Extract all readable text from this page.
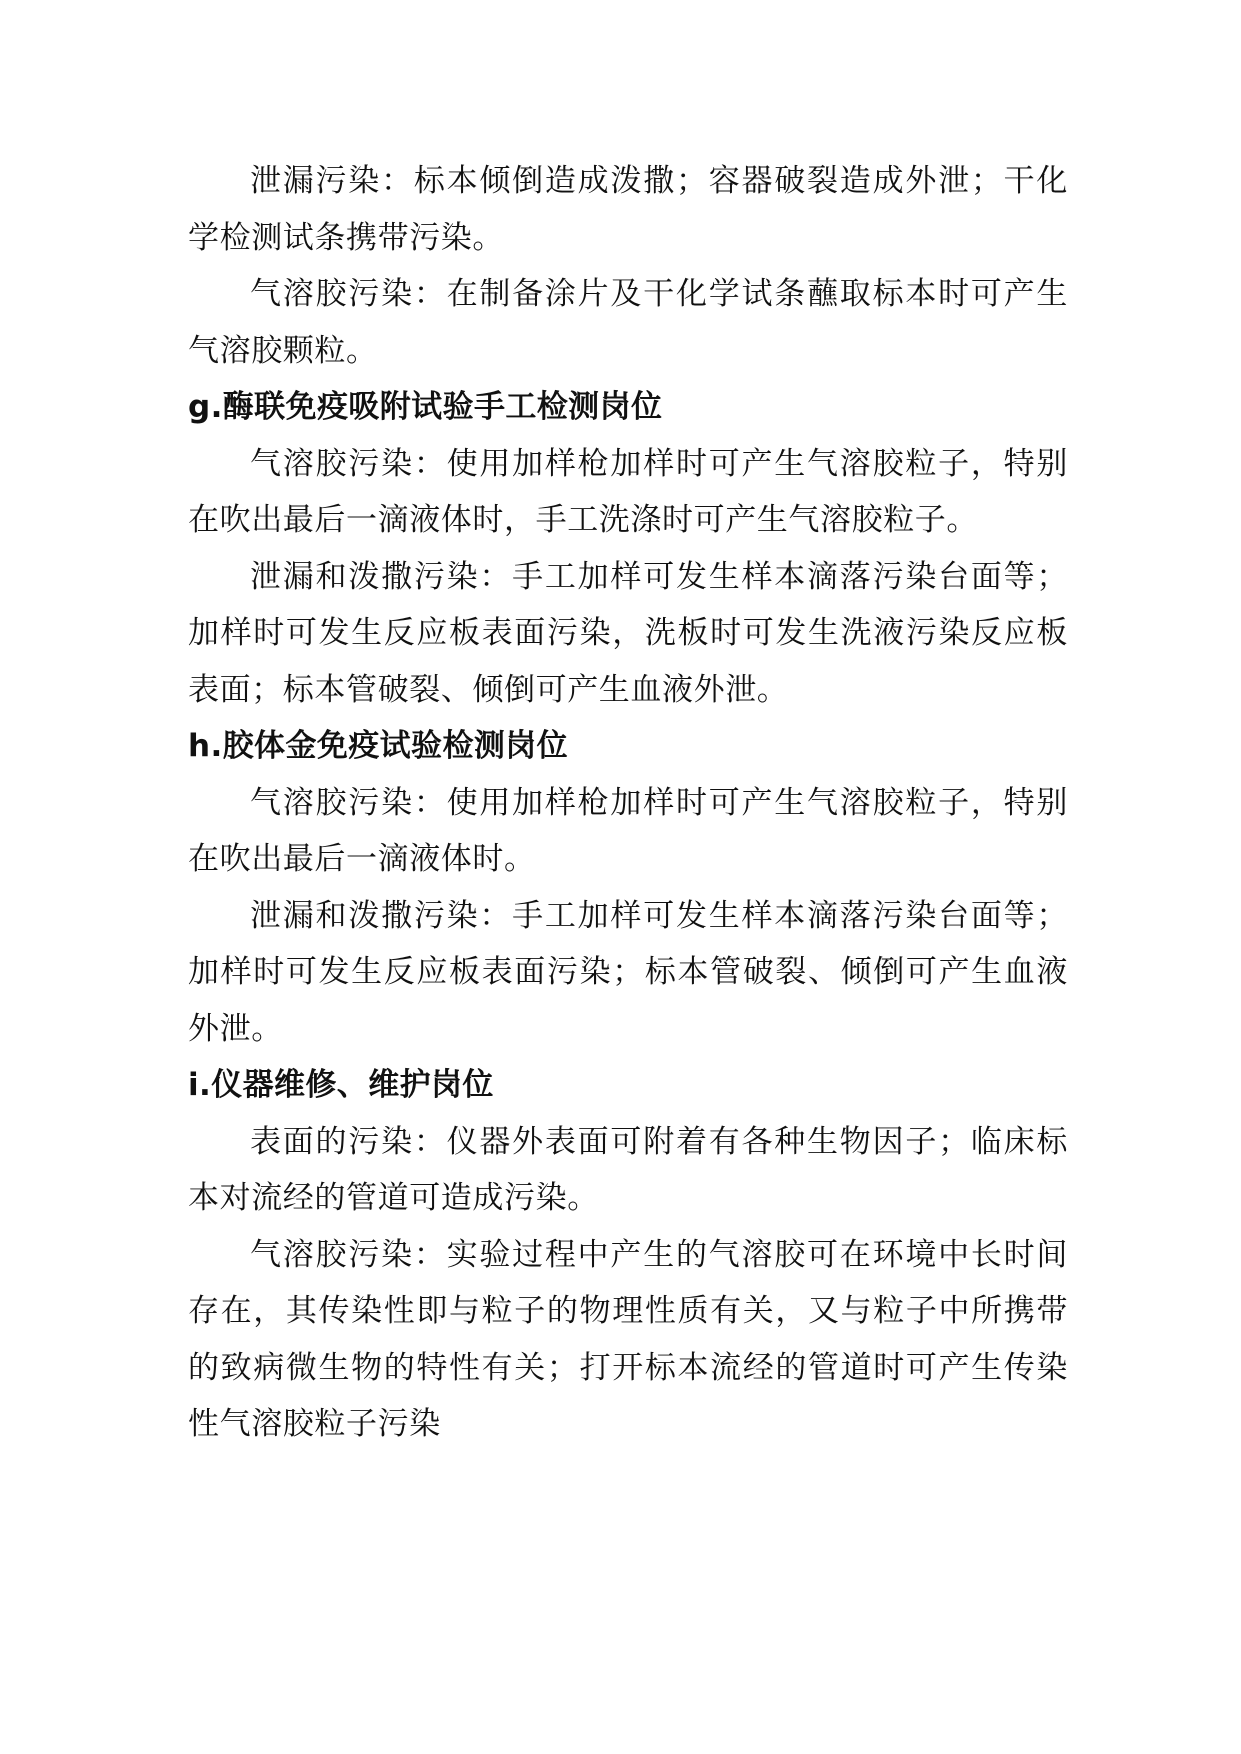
泄漏污染：标本倾倒造成泼撒；容器破裂造成外泄；干化学检测试条携带污染。

气溶胶污染：在制备涂片及干化学试条蘸取标本时可产生气溶胶颗粒。

g.酶联免疫吸附试验手工检测岗位

气溶胶污染：使用加样枪加样时可产生气溶胶粒子，特别在吹出最后一滴液体时，手工洗涤时可产生气溶胶粒子。

泄漏和泼撒污染：手工加样可发生样本滴落污染台面等；加样时可发生反应板表面污染，洗板时可发生洗液污染反应板表面；标本管破裂、倾倒可产生血液外泄。

h.胶体金免疫试验检测岗位

气溶胶污染：使用加样枪加样时可产生气溶胶粒子，特别在吹出最后一滴液体时。

泄漏和泼撒污染：手工加样可发生样本滴落污染台面等；加样时可发生反应板表面污染；标本管破裂、倾倒可产生血液外泄。

i.仪器维修、维护岗位

表面的污染：仪器外表面可附着有各种生物因子；临床标本对流经的管道可造成污染。

气溶胶污染：实验过程中产生的气溶胶可在环境中长时间存在，其传染性即与粒子的物理性质有关，又与粒子中所携带的致病微生物的特性有关；打开标本流经的管道时可产生传染性气溶胶粒子污染
